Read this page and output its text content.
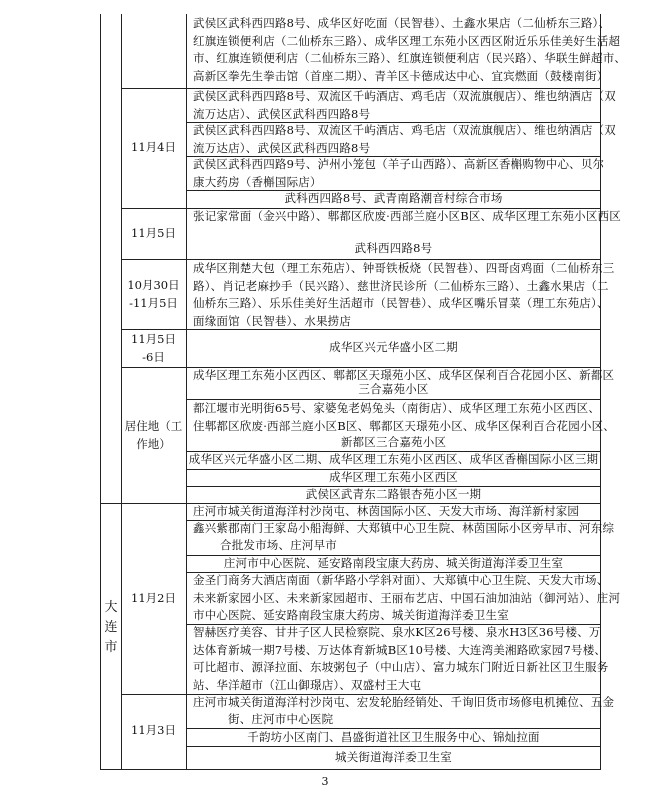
武侯区武科西四路8号、成华区好吃面（民智巷）、土鑫水果店（二仙桥东三路）、
红旗连锁便利店（二仙桥东三路）、成华区理工东苑小区西区附近乐乐佳美好生活超
市、红旗连锁便利店（二仙桥东三路）、红旗连锁便利店（民兴路）、华联生鲜超市、
高新区拳先生拳击馆（首座二期）、青羊区卡德成达中心、宜宾燃面（鼓楼南街）
11月4日
武侯区武科西四路8号、双流区千屿酒店、鸡毛店（双流旗舰店）、维也纳酒店（双
流万达店）、武侯区武科西四路8号
武侯区武科西四路8号、双流区千屿酒店、鸡毛店（双流旗舰店）、维也纳酒店（双
流万达店）、武侯区武科西四路8号
武侯区武科西四路9号、泸州小笼包（羊子山西路）、高新区香槲购物中心、贝尔
康大药房（香槲国际店）
武科西四路8号、武青南路潮音村综合市场
11月5日
张记家常面（金兴中路）、郫都区欣废·西部兰庭小区B区、成华区理工东苑小区西区
武科西四路8号
10月30日
-11月5日
成华区荆楚大包（理工东苑店）、钟哥铁板烧（民智巷）、四哥卤鸡面（二仙桥东三
路）、肖记老麻抄手（民兴路）、慈世济民诊所（二仙桥东三路）、土鑫水果店（二
仙桥东三路）、乐乐佳美好生活超市（民智巷）、成华区嘴乐冒菜（理工东苑店）、
面缘面馆（民智巷）、水果捞店
11月5日
-6日
成华区兴元华盛小区二期
居住地（工
作地）
成华区理工东苑小区西区、郫都区天璟苑小区、成华区保利百合花园小区、新都区
三合嘉苑小区
都江堰市光明街65号、家婆兔老妈兔头（南街店）、成华区理工东苑小区西区、
住郫都区欣废·西部兰庭小区B区、郫都区天璟苑小区、成华区保利百合花园小区、
新都区三合嘉苑小区
成华区兴元华盛小区二期、成华区理工东苑小区西区、成华区香槲国际小区三期
成华区理工东苑小区西区
武侯区武青东二路银杏苑小区一期
大
连
市
11月2日
庄河市城关街道海洋村沙岗屯、林茵国际小区、天发大市场、海洋新村家园
鑫兴紫郡南门王家岛小船海鲜、大郑镇中心卫生院、林茵国际小区旁早市、河东综
合批发市场、庄河早市
庄河市中心医院、延安路南段宝康大药房、城关街道海洋委卫生室
金圣门商务大酒店南面（新华路小学斜对面）、大郑镇中心卫生院、天发大市场、
未来新家园小区、未来新家园超市、王丽布艺店、中国石油加油站（御河站）、庄河
市中心医院、延安路南段宝康大药房、城关街道海洋委卫生室
智赫医疗美容、甘井子区人民检察院、泉水K区26号楼、泉水H3区36号楼、万
达体育新城一期7号楼、万达体育新城B区10号楼、大连湾美湘路欧家园7号楼、
可比超市、源泽拉面、东坡粥包子（中山店）、富力城东门附近日新社区卫生服务
站、华洋超市（江山御璟店）、双盛村王大屯
11月3日
庄河市城关街道海洋村沙岗屯、宏发轮胎经销处、千询旧货市场修电机摊位、五金
街、庄河市中心医院
千韵坊小区南门、昌盛街道社区卫生服务中心、锦灿拉面
城关街道海洋委卫生室
3
